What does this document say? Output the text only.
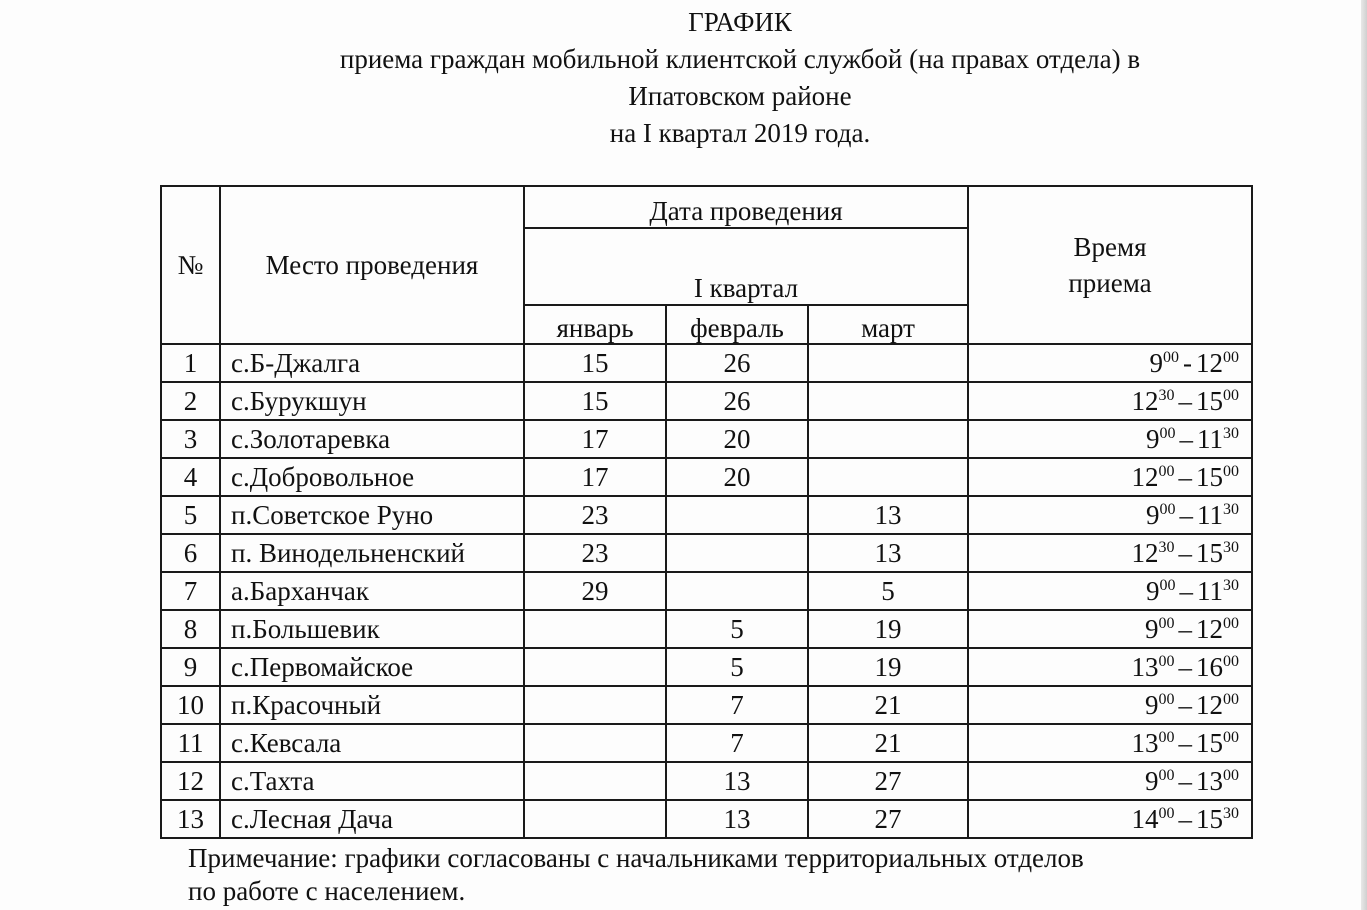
ГРАФИК
приема граждан мобильной клиентской службой (на правах отдела) в
Ипатовском районе
на I квартал 2019 года.
№	Место проведения	Дата проведения			Время
приема

		I квартал			
		январь	февраль	март	
1	с.Б-Джалга	15	26		$9^{00} - 12^{00}$
2	с.Бурукшун	15	26		$12^{30} - 15^{00}$
3	с.Золотаревка	17	20		$9^{00} - 11^{30}$
4	с.Добровольное	17	20		$12^{00} - 15^{00}$
5	п.Советское Руно	23		13	$9^{00} - 11^{30}$
6	п. Винодельненский	23		13	$12^{30} - 15^{30}$
7	а.Барханчак	29		5	$9^{00} - 11^{30}$
8	п.Большевик		5	19	$9^{00} - 12^{00}$
9	с.Первомайское		5	19	$13^{00} - 16^{00}$
10	п.Красочный		7	21	$9^{00} - 12^{00}$
11	с.Кевсала		7	21	$13^{00} - 15^{00}$
12	с.Тахта		13	27	$9^{00} - 13^{00}$
13	с.Лесная Дача		13	27	$14^{00} - 15^{30}$
Примечание: графики согласованы с начальниками территориальных отделов
по работе с населением.
